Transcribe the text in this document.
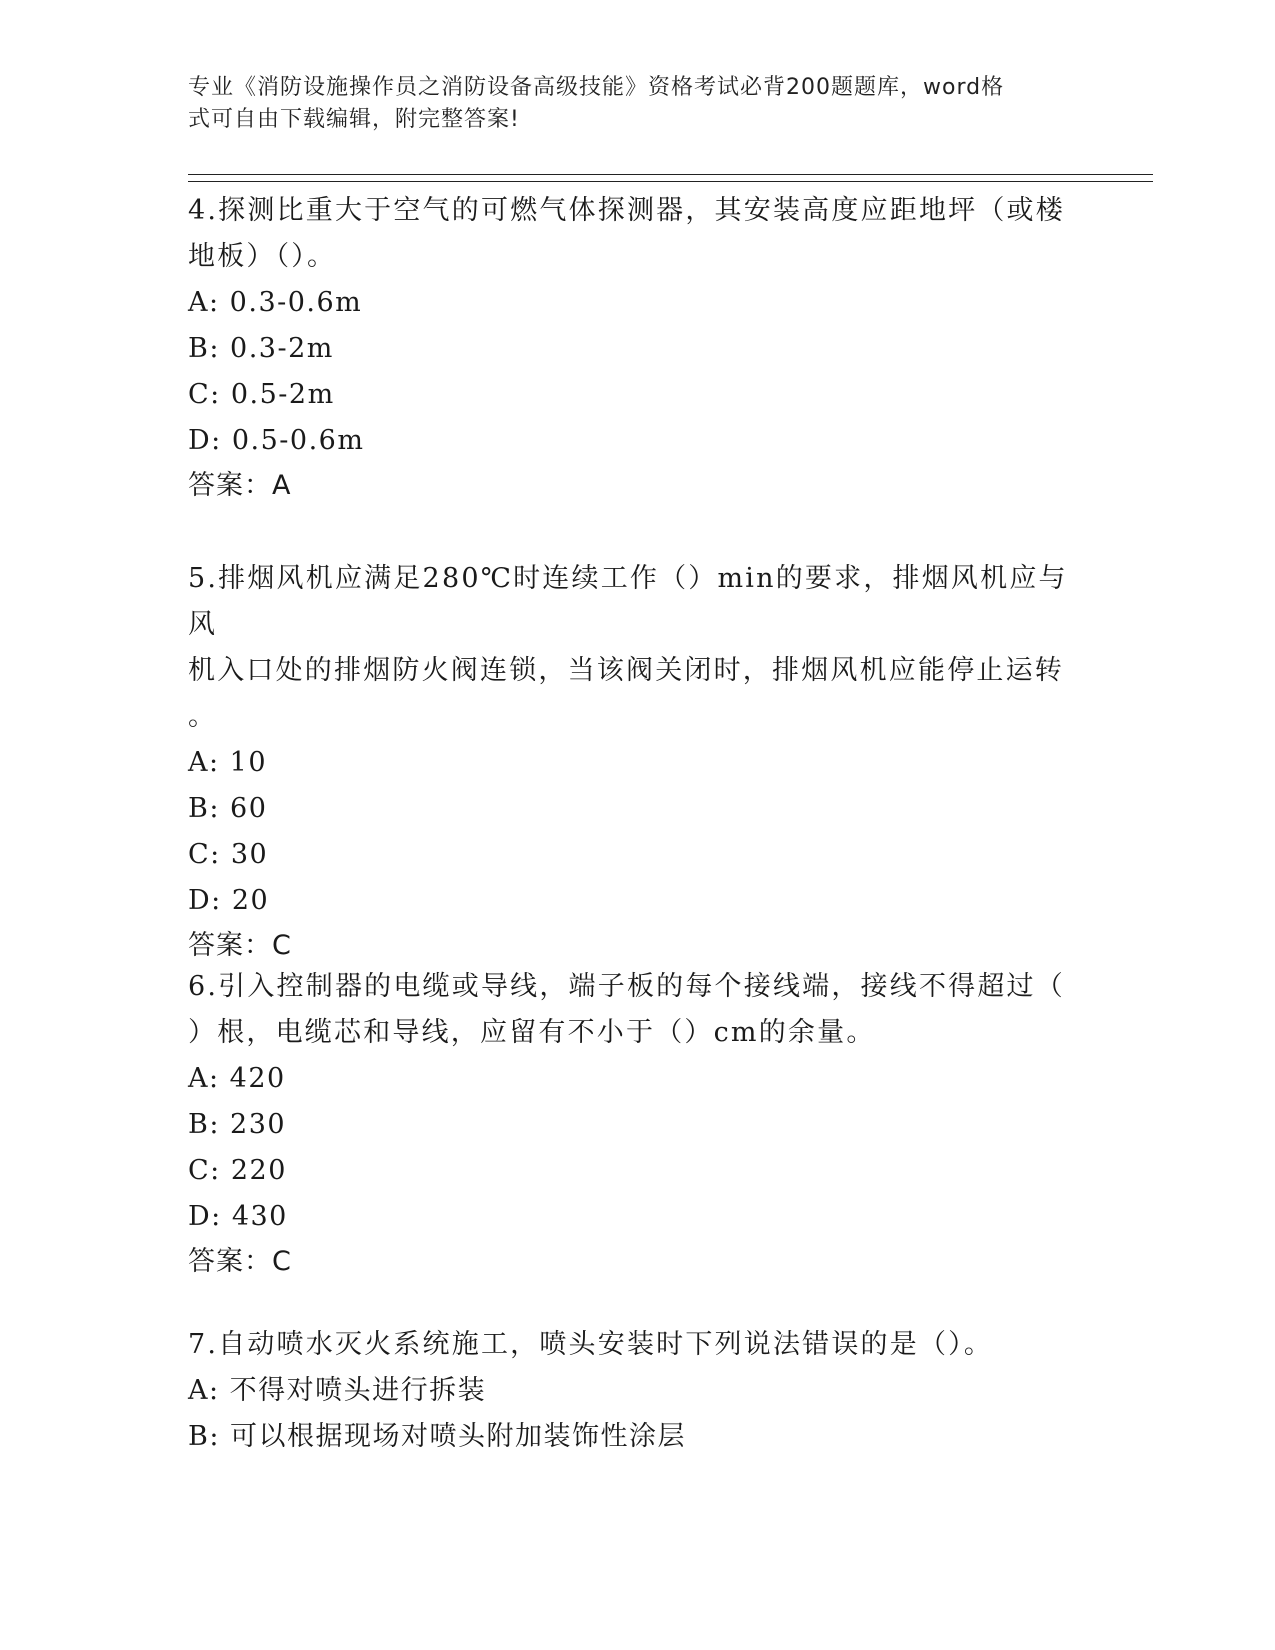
专业《消防设施操作员之消防设备高级技能》资格考试必背200题题库，word格

式可自由下载编辑，附完整答案!

4.探测比重大于空气的可燃气体探测器，其安装高度应距地坪（或楼

地板）（）。

A: 0.3-0.6m

B: 0.3-2m

C: 0.5-2m

D: 0.5-0.6m

答案：A

5.排烟风机应满足280℃时连续工作（）min的要求，排烟风机应与风

机入口处的排烟防火阀连锁，当该阀关闭时，排烟风机应能停止运转

。

A: 10

B: 60

C: 30

D: 20

答案：C

6.引入控制器的电缆或导线，端子板的每个接线端，接线不得超过（

）根，电缆芯和导线，应留有不小于（）cm的余量。

A: 420

B: 230

C: 220

D: 430

答案：C

7.自动喷水灭火系统施工，喷头安装时下列说法错误的是（）。

A: 不得对喷头进行拆装

B: 可以根据现场对喷头附加装饰性涂层
